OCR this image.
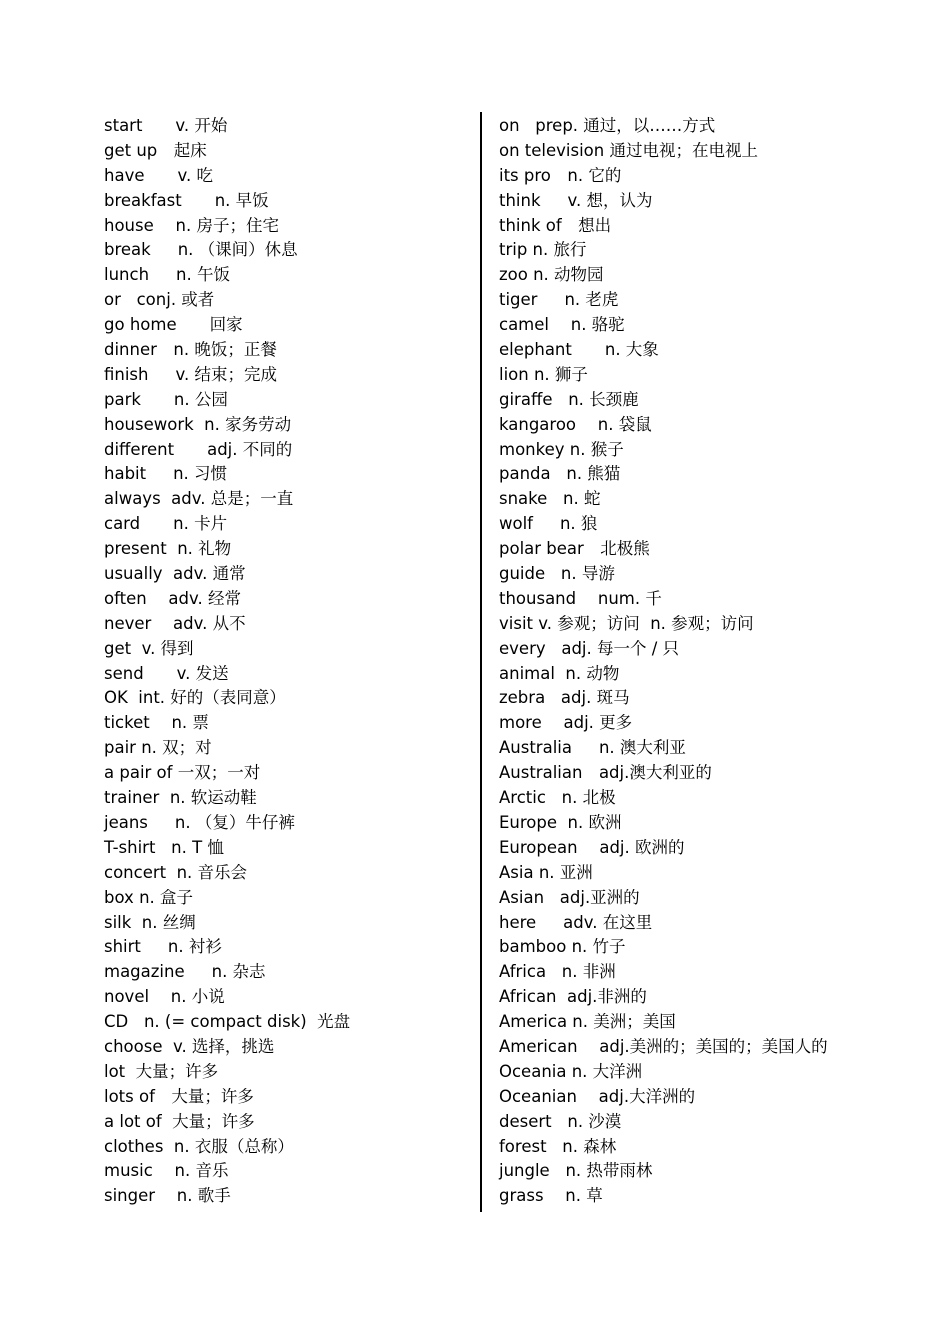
start  v. 开始
get up 起床
have  v. 吃
breakfast  n. 早饭
house  n. 房子；住宅
break   n. （课间）休息
lunch   n. 午饭
or   conj. 或者
go home  回家
dinner n. 晚饭；正餐
finish   v. 结束；完成
park  n. 公园
housework  n. 家务劳动
different  adj. 不同的
habit   n. 习惯
always  adv. 总是；一直
card  n. 卡片
present  n. 礼物
usually  adv. 通常
often  adv. 经常
never  adv. 从不
get  v. 得到
send  v. 发送
OK  int. 好的（表同意）
ticket  n. 票
pair n. 双；对
a pair of 一双；一对
trainer  n. 软运动鞋
jeans   n. （复）牛仔裤
T-shirt   n. T 恤
concert  n. 音乐会
box n. 盒子
silk  n. 丝绸
shirt   n. 衬衫
magazine   n. 杂志
novel  n. 小说
CD   n. (= compact disk)  光盘
choose  v. 选择，挑选
lot  大量；许多
lots of 大量；许多
a lot of  大量；许多
clothes  n. 衣服（总称）
music  n. 音乐
singer  n. 歌手
on   prep. 通过，以……方式
on television 通过电视；在电视上
its pro n. 它的
think   v. 想，认为
think of 想出
trip n. 旅行
zoo n. 动物园
tiger   n. 老虎
camel  n. 骆驼
elephant  n. 大象
lion n. 狮子
giraffe   n. 长颈鹿
kangaroo  n. 袋鼠
monkey n. 猴子
panda   n. 熊猫
snake   n. 蛇
wolf   n. 狼
polar bear 北极熊
guide   n. 导游
thousand  num. 千
visit v. 参观；访问  n. 参观；访问
every   adj. 每一个 / 只
animal  n. 动物
zebra   adj. 斑马
more  adj. 更多
Australia   n. 澳大利亚
Australian adj.澳大利亚的
Arctic   n. 北极
Europe  n. 欧洲
European  adj. 欧洲的
Asia n. 亚洲
Asian   adj.亚洲的
here   adv. 在这里
bamboo n. 竹子
Africa   n. 非洲
African  adj.非洲的
America n. 美洲；美国
American  adj.美洲的；美国的；美国人的
Oceania n. 大洋洲
Oceanian  adj.大洋洲的
desert   n. 沙漠
forest   n. 森林
jungle   n. 热带雨林
grass  n. 草
